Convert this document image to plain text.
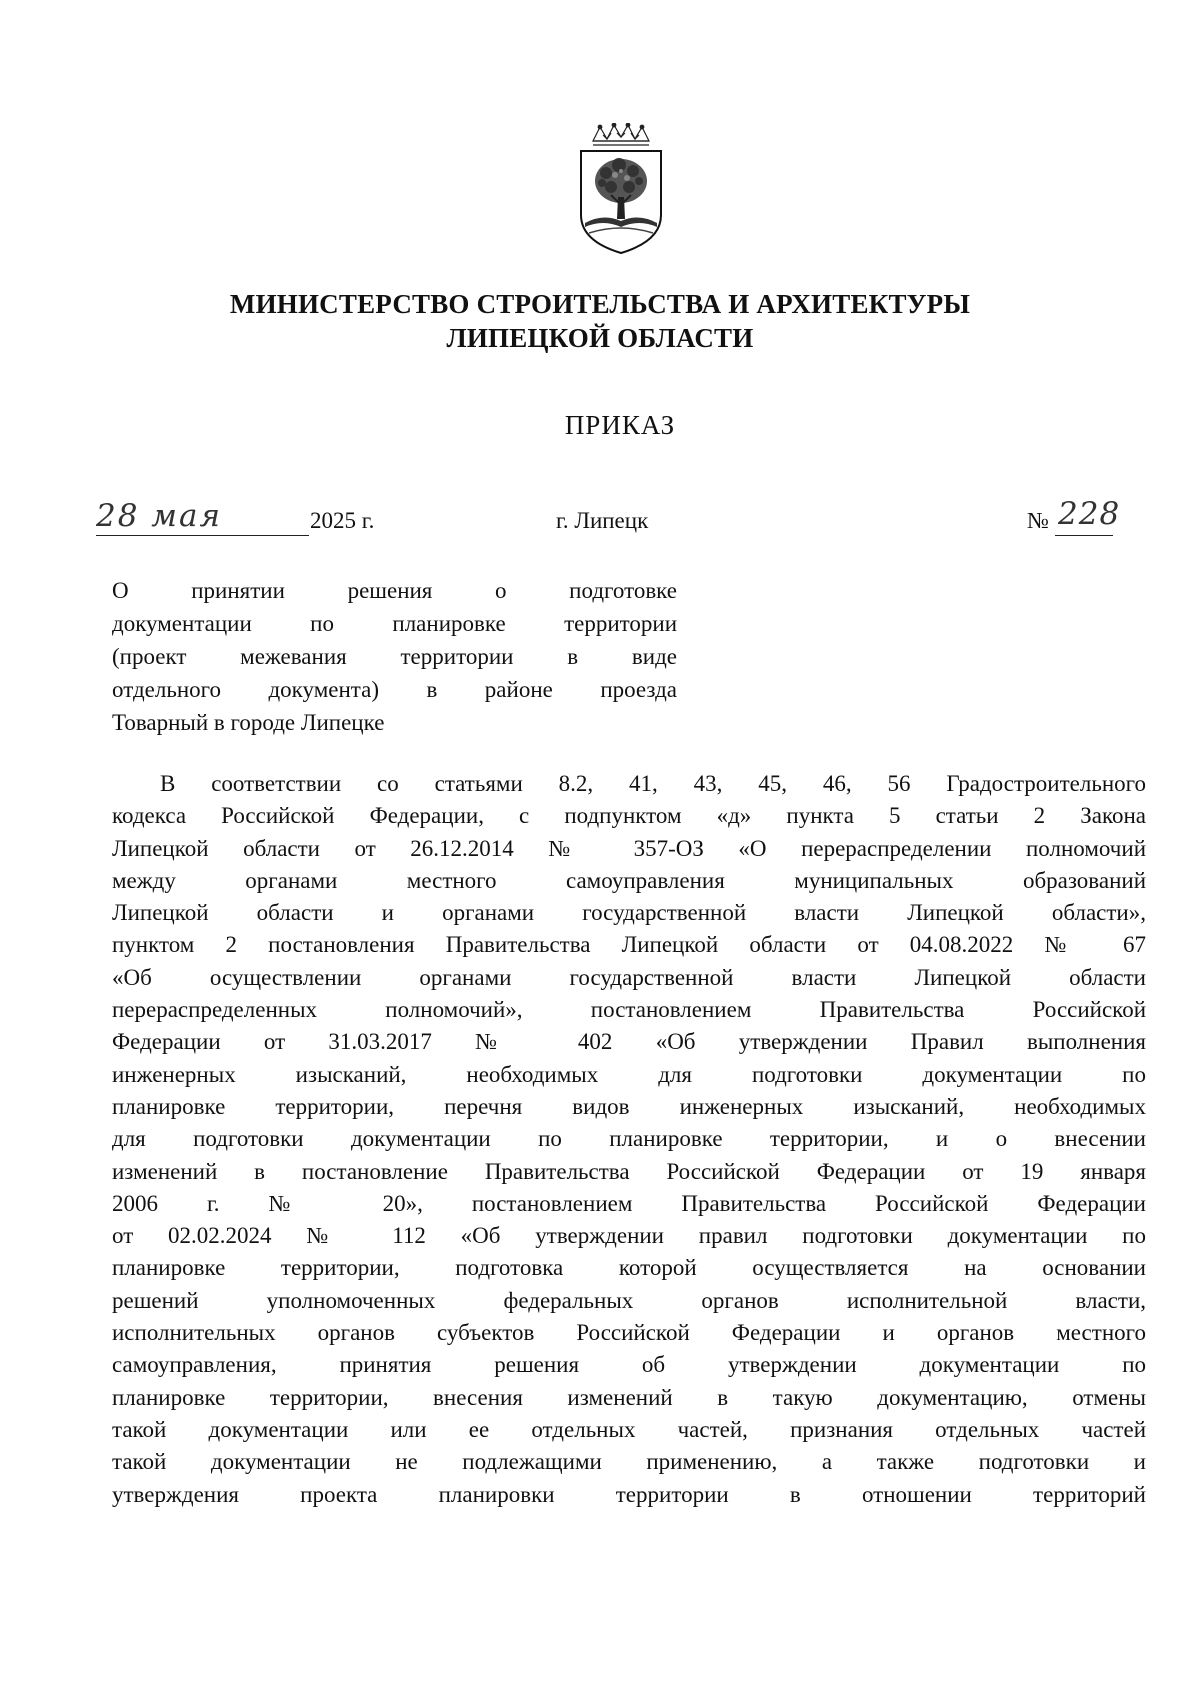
МИНИСТЕРСТВО СТРОИТЕЛЬСТВА И АРХИТЕКТУРЫ
ЛИПЕЦКОЙ ОБЛАСТИ
ПРИКАЗ
28 мая	2025 г.	г. Липецк	№ 228
О принятии решения о подготовке
документации по планировке территории
(проект межевания территории в виде
отдельного документа) в районе проезда
Товарный в городе Липецке
В соответствии со статьями 8.2, 41, 43, 45, 46, 56 Градостроительного
кодекса Российской Федерации, с подпунктом «д» пункта 5 статьи 2 Закона
Липецкой области от 26.12.2014 № 357-ОЗ «О перераспределении полномочий
между органами местного самоуправления муниципальных образований
Липецкой области и органами государственной власти Липецкой области»,
пунктом 2 постановления Правительства Липецкой области от 04.08.2022 № 67
«Об осуществлении органами государственной власти Липецкой области
перераспределенных полномочий», постановлением Правительства Российской
Федерации от 31.03.2017 № 402 «Об утверждении Правил выполнения
инженерных изысканий, необходимых для подготовки документации по
планировке территории, перечня видов инженерных изысканий, необходимых
для подготовки документации по планировке территории, и о внесении
изменений в постановление Правительства Российской Федерации от 19 января
2006 г. № 20», постановлением Правительства Российской Федерации
от 02.02.2024 № 112 «Об утверждении правил подготовки документации по
планировке территории, подготовка которой осуществляется на основании
решений уполномоченных федеральных органов исполнительной власти,
исполнительных органов субъектов Российской Федерации и органов местного
самоуправления, принятия решения об утверждении документации по
планировке территории, внесения изменений в такую документацию, отмены
такой документации или ее отдельных частей, признания отдельных частей
такой документации не подлежащими применению, а также подготовки и
утверждения проекта планировки территории в отношении территорий
